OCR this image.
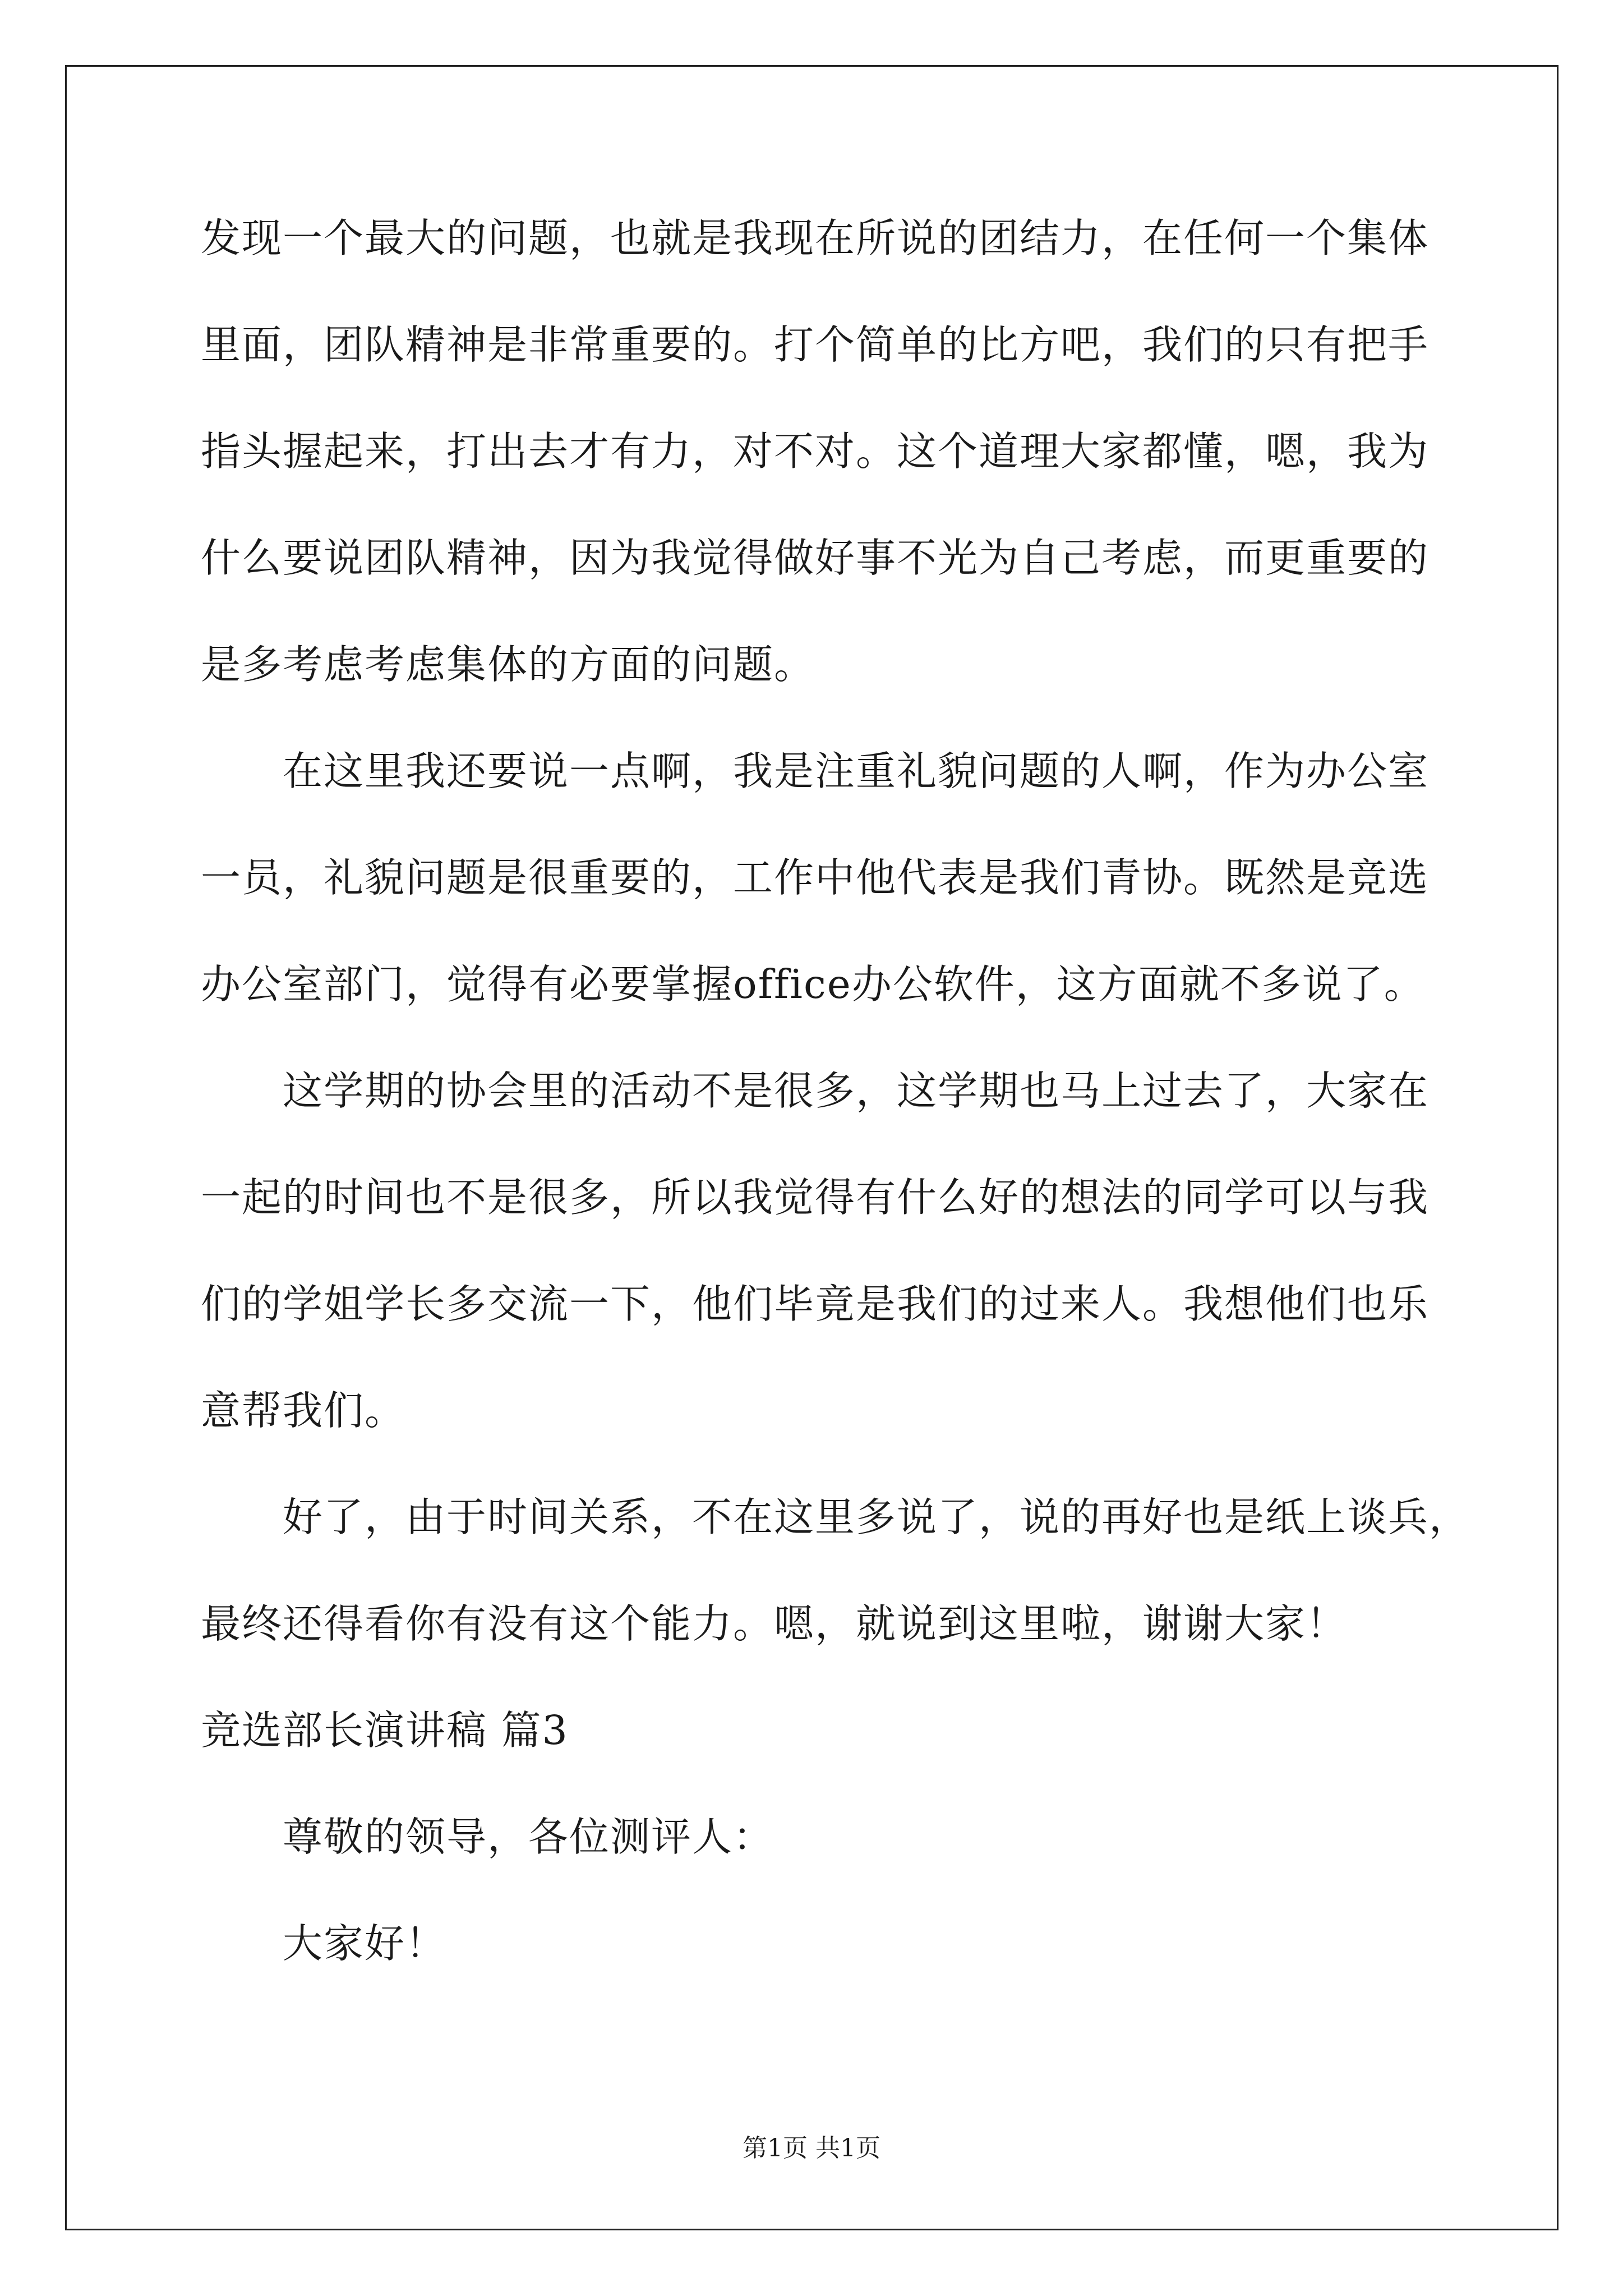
发现一个最大的问题，也就是我现在所说的团结力，在任何一个集体
里面，团队精神是非常重要的。打个简单的比方吧，我们的只有把手
指头握起来，打出去才有力，对不对。这个道理大家都懂，嗯，我为
什么要说团队精神，因为我觉得做好事不光为自己考虑，而更重要的
是多考虑考虑集体的方面的问题。
在这里我还要说一点啊，我是注重礼貌问题的人啊，作为办公室
一员，礼貌问题是很重要的，工作中他代表是我们青协。既然是竞选
办公室部门，觉得有必要掌握office办公软件，这方面就不多说了。
这学期的协会里的活动不是很多，这学期也马上过去了，大家在
一起的时间也不是很多，所以我觉得有什么好的想法的同学可以与我
们的学姐学长多交流一下，他们毕竟是我们的过来人。我想他们也乐
意帮我们。
好了，由于时间关系，不在这里多说了，说的再好也是纸上谈兵，
最终还得看你有没有这个能力。嗯，就说到这里啦，谢谢大家！
竞选部长演讲稿 篇3
尊敬的领导，各位测评人：
大家好！
第1页 共1页
